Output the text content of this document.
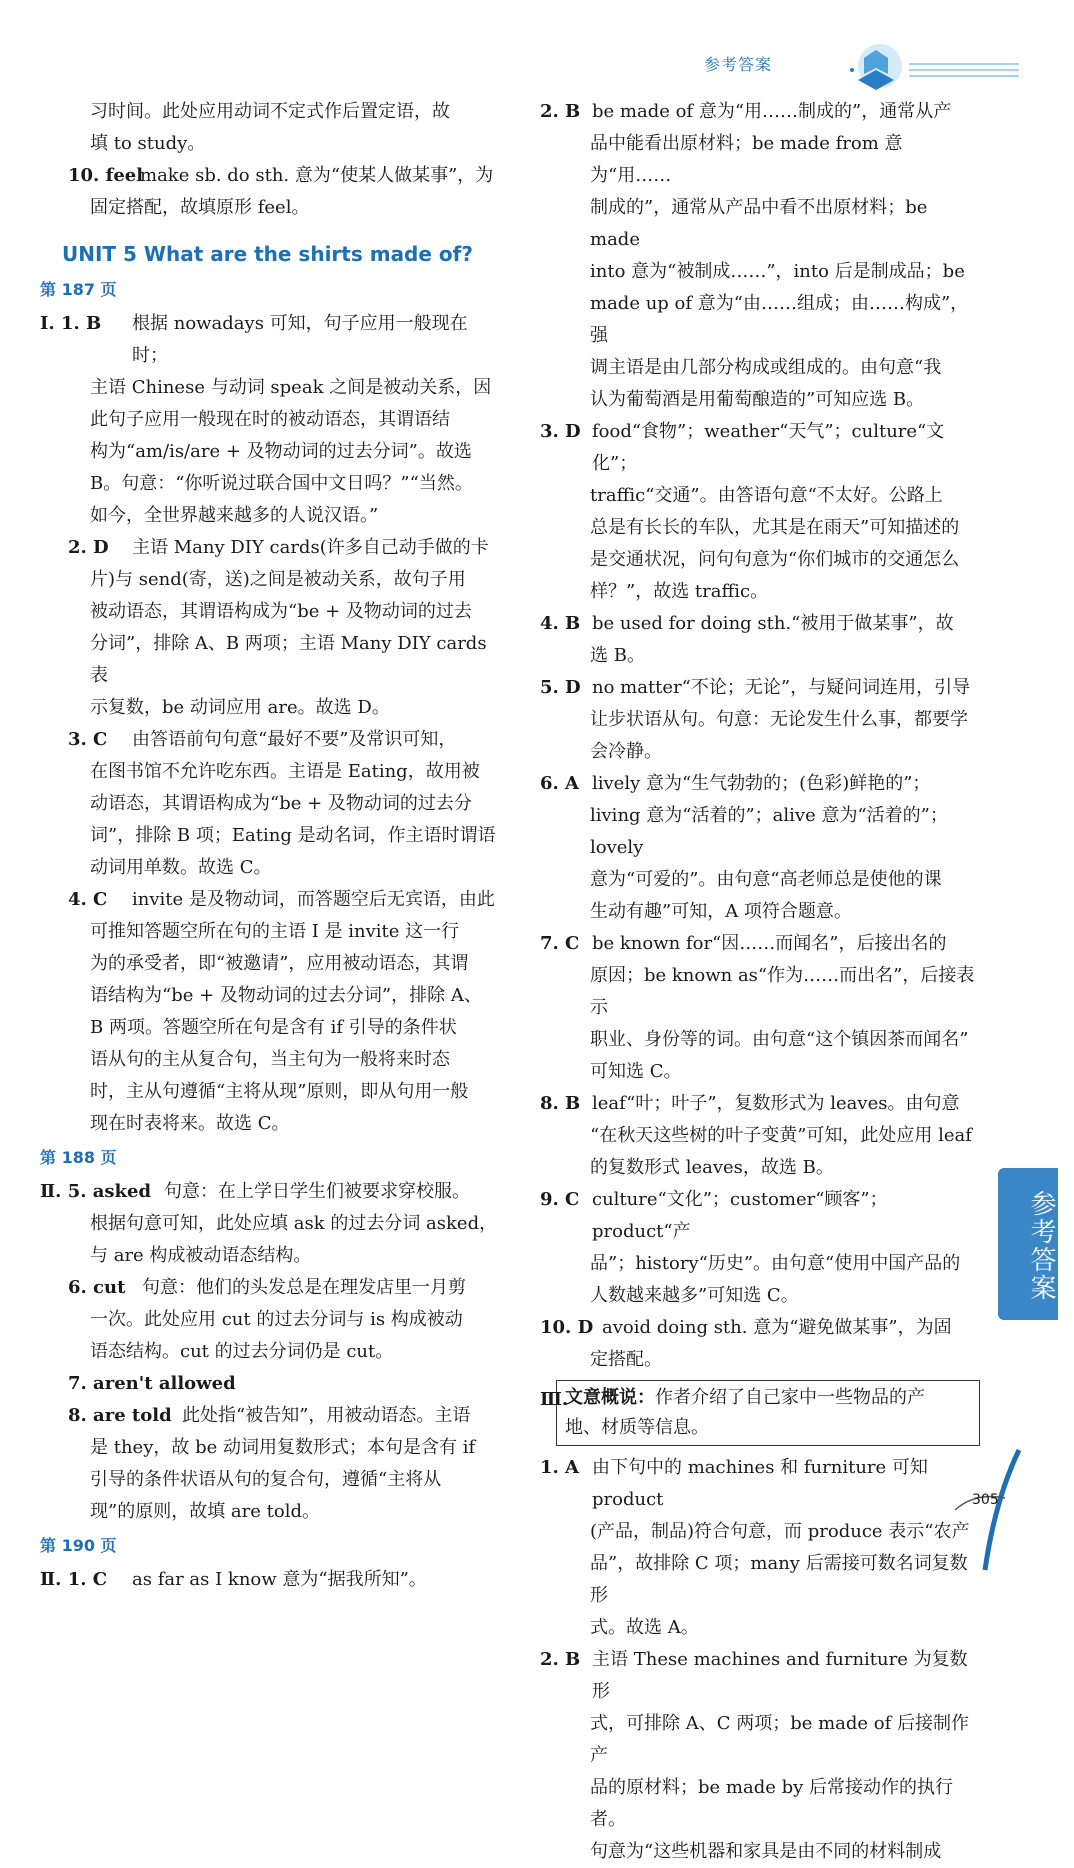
参考答案

习时间。此处应用动词不定式作后置定语，故

填 to study。

10. feel

make sb. do sth. 意为“使某人做某事”，为

固定搭配，故填原形 feel。

UNIT 5 What are the shirts made of?
第 187 页
Ⅰ. 1. B	根据 nowadays 可知，句子应用一般现在时；

主语 Chinese 与动词 speak 之间是被动关系，因

此句子应用一般现在时的被动语态，其谓语结

构为“am/is/are + 及物动词的过去分词”。故选

B。句意：“你听说过联合国中文日吗？”“当然。

如今，全世界越来越多的人说汉语。”

2. D	主语 Many DIY cards(许多自己动手做的卡

片)与 send(寄，送)之间是被动关系，故句子用

被动语态，其谓语构成为“be + 及物动词的过去

分词”，排除 A、B 两项；主语 Many DIY cards 表

示复数，be 动词应用 are。故选 D。

3. C	由答语前句句意“最好不要”及常识可知，

在图书馆不允许吃东西。主语是 Eating，故用被

动语态，其谓语构成为“be + 及物动词的过去分

词”，排除 B 项；Eating 是动名词，作主语时谓语

动词用单数。故选 C。

4. C	invite 是及物动词，而答题空后无宾语，由此

可推知答题空所在句的主语 I 是 invite 这一行

为的承受者，即“被邀请”，应用被动语态，其谓

语结构为“be + 及物动词的过去分词”，排除 A、

B 两项。答题空所在句是含有 if 引导的条件状

语从句的主从复合句，当主句为一般将来时态

时，主从句遵循“主将从现”原则，即从句用一般

现在时表将来。故选 C。

第 188 页
Ⅱ. 5. asked 句意：在上学日学生们被要求穿校服。

根据句意可知，此处应填 ask 的过去分词 asked，

与 are 构成被动语态结构。

6. cut 句意：他们的头发总是在理发店里一月剪

一次。此处应用 cut 的过去分词与 is 构成被动

语态结构。cut 的过去分词仍是 cut。

7. aren't allowed
8. are told 此处指“被告知”，用被动语态。主语

是 they，故 be 动词用复数形式；本句是含有 if

引导的条件状语从句的复合句，遵循“主将从

现”的原则，故填 are told。

第 190 页
Ⅱ. 1. C	as far as I know 意为“据我所知”。

2. B be made of 意为“用……制成的”，通常从产

品中能看出原材料；be made from 意为“用……

制成的”，通常从产品中看不出原材料；be made

into 意为“被制成……”，into 后是制成品；be

made up of 意为“由……组成；由……构成”，强

调主语是由几部分构成或组成的。由句意“我

认为葡萄酒是用葡萄酿造的”可知应选 B。

3. D food“食物”；weather“天气”；culture“文化”；

traffic“交通”。由答语句意“不太好。公路上

总是有长长的车队，尤其是在雨天”可知描述的

是交通状况，问句句意为“你们城市的交通怎么

样？”，故选 traffic。

4. B be used for doing sth.“被用于做某事”，故

选 B。

5. D no matter“不论；无论”，与疑问词连用，引导

让步状语从句。句意：无论发生什么事，都要学

会冷静。

6. A lively 意为“生气勃勃的；(色彩)鲜艳的”；

living 意为“活着的”；alive 意为“活着的”；lovely

意为“可爱的”。由句意“高老师总是使他的课

生动有趣”可知，A 项符合题意。

7. C be known for“因……而闻名”，后接出名的

原因；be known as“作为……而出名”，后接表示

职业、身份等的词。由句意“这个镇因茶而闻名”

可知选 C。

8. B leaf“叶；叶子”，复数形式为 leaves。由句意

“在秋天这些树的叶子变黄”可知，此处应用 leaf

的复数形式 leaves，故选 B。

9. C culture“文化”；customer“顾客”；product“产

品”；history“历史”。由句意“使用中国产品的

人数越来越多”可知选 C。

10. D avoid doing sth. 意为“避免做某事”，为固

定搭配。

Ⅲ.
文意概说：作者介绍了自己家中一些物品的产
地、材质等信息。
1. A 由下句中的 machines 和 furniture 可知 product

(产品，制品)符合句意，而 produce 表示“农产

品”，故排除 C 项；many 后需接可数名词复数形

式。故选 A。

2. B 主语 These machines and furniture 为复数形

式，可排除 A、C 两项；be made of 后接制作产

品的原材料；be made by 后常接动作的执行者。

句意为“这些机器和家具是由不同的材料制成

参考答案
305
